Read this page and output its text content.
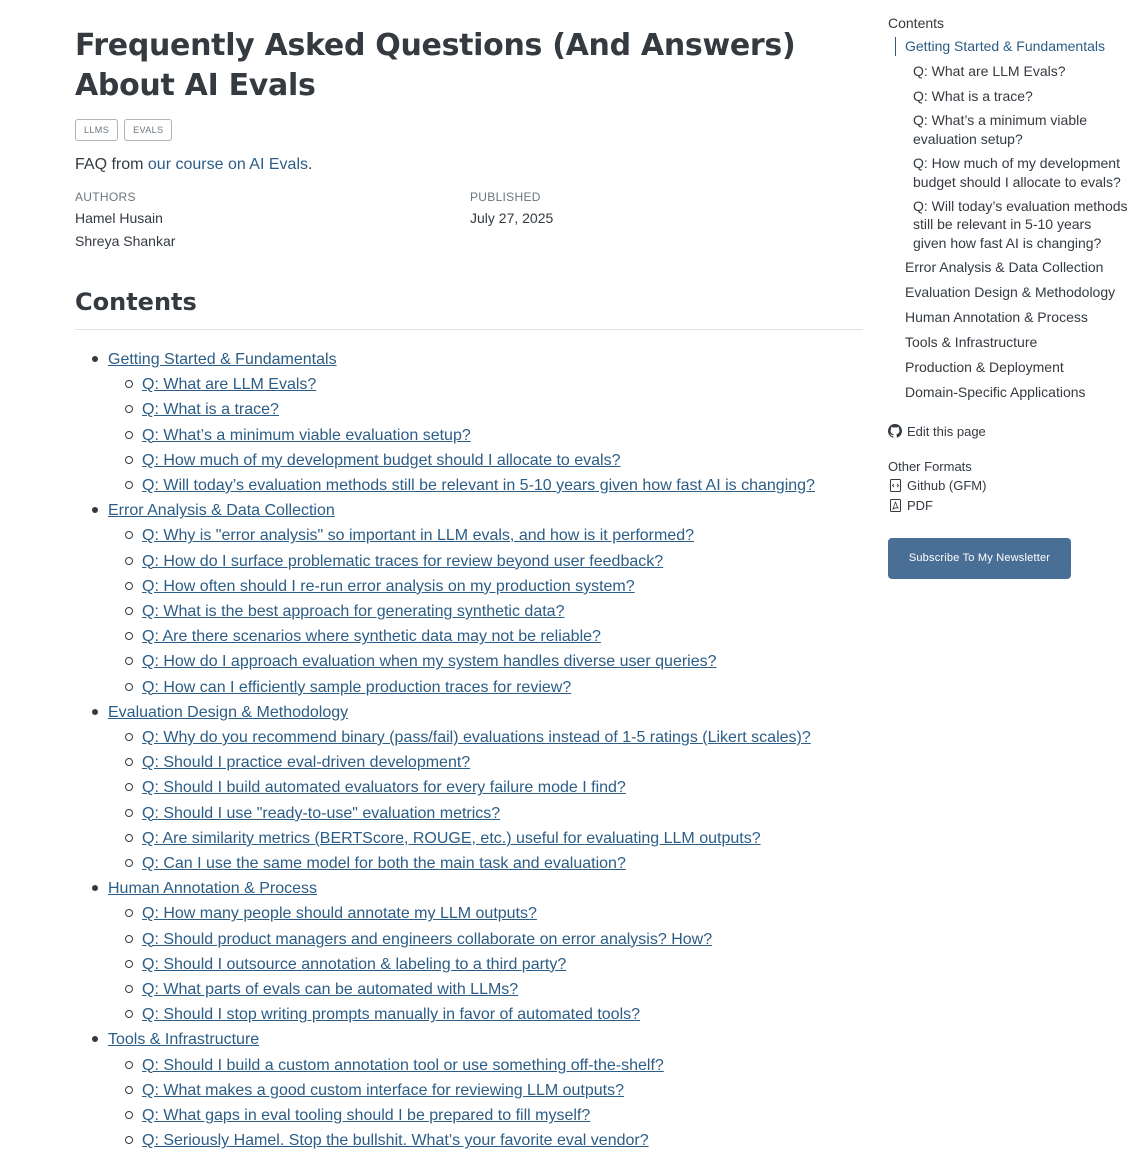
Frequently Asked Questions (And Answers) About AI Evals
LLMS	EVALS
FAQ from our course on AI Evals.
AUTHORS
Hamel Husain
Shreya Shankar
PUBLISHED
July 27, 2025
Contents
Getting Started & Fundamentals
Q: What are LLM Evals?
Q: What is a trace?
Q: What’s a minimum viable evaluation setup?
Q: How much of my development budget should I allocate to evals?
Q: Will today’s evaluation methods still be relevant in 5-10 years given how fast AI is changing?
Error Analysis & Data Collection
Q: Why is "error analysis" so important in LLM evals, and how is it performed?
Q: How do I surface problematic traces for review beyond user feedback?
Q: How often should I re-run error analysis on my production system?
Q: What is the best approach for generating synthetic data?
Q: Are there scenarios where synthetic data may not be reliable?
Q: How do I approach evaluation when my system handles diverse user queries?
Q: How can I efficiently sample production traces for review?
Evaluation Design & Methodology
Q: Why do you recommend binary (pass/fail) evaluations instead of 1-5 ratings (Likert scales)?
Q: Should I practice eval-driven development?
Q: Should I build automated evaluators for every failure mode I find?
Q: Should I use "ready-to-use" evaluation metrics?
Q: Are similarity metrics (BERTScore, ROUGE, etc.) useful for evaluating LLM outputs?
Q: Can I use the same model for both the main task and evaluation?
Human Annotation & Process
Q: How many people should annotate my LLM outputs?
Q: Should product managers and engineers collaborate on error analysis? How?
Q: Should I outsource annotation & labeling to a third party?
Q: What parts of evals can be automated with LLMs?
Q: Should I stop writing prompts manually in favor of automated tools?
Tools & Infrastructure
Q: Should I build a custom annotation tool or use something off-the-shelf?
Q: What makes a good custom interface for reviewing LLM outputs?
Q: What gaps in eval tooling should I be prepared to fill myself?
Q: Seriously Hamel. Stop the bullshit. What’s your favorite eval vendor?
Contents
Getting Started & Fundamentals
Q: What are LLM Evals?
Q: What is a trace?
Q: What’s a minimum viable evaluation setup?
Q: How much of my development budget should I allocate to evals?
Q: Will today’s evaluation methods still be relevant in 5-10 years given how fast AI is changing?
Error Analysis & Data Collection
Evaluation Design & Methodology
Human Annotation & Process
Tools & Infrastructure
Production & Deployment
Domain-Specific Applications
Edit this page
Other Formats
Github (GFM)
PDF
Subscribe To My Newsletter
